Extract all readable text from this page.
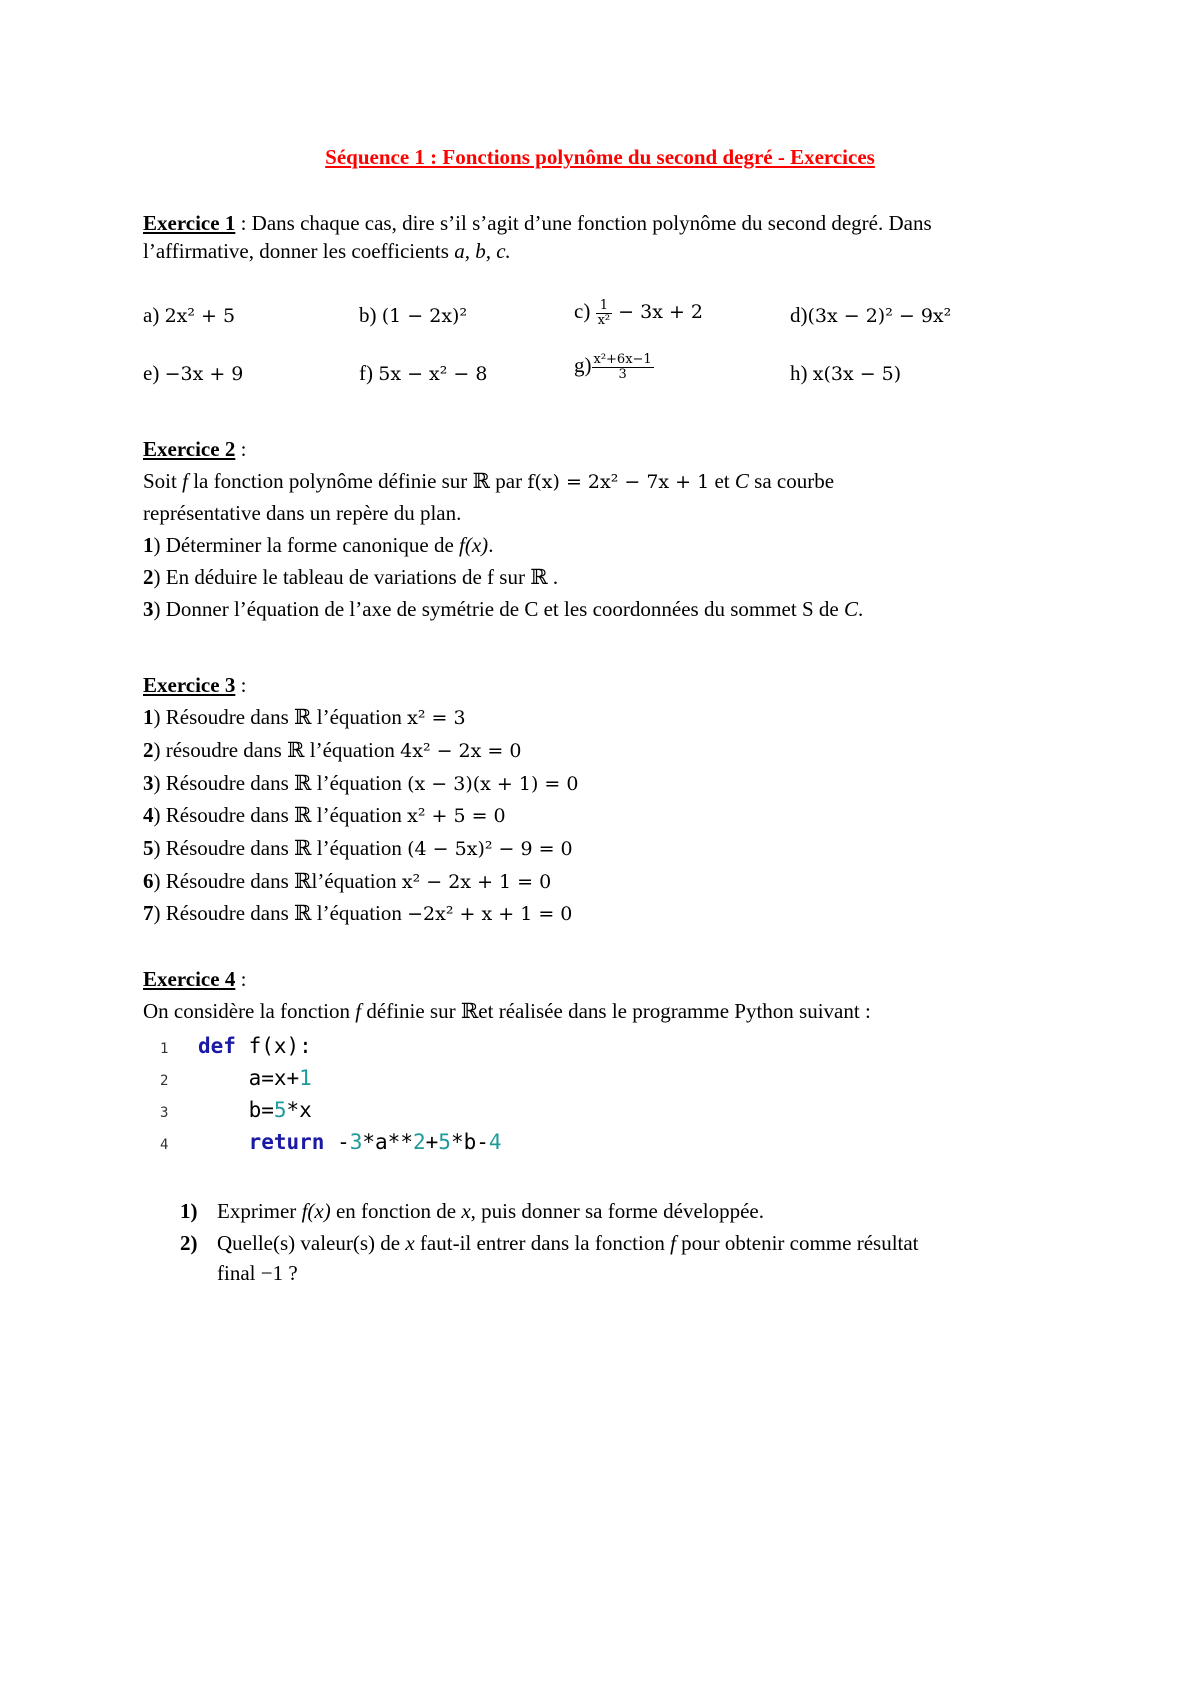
Séquence 1 : Fonctions polynôme du second degré - Exercices
Exercice 1 : Dans chaque cas, dire s’il s’agit d’une fonction polynôme du second degré. Dans
l’affirmative, donner les coefficients a, b, c.
a) 2x² + 5	b) (1 − 2x)²	$c) \frac{1}{\text{x²}} - 3x + 2$	d)(3x − 2)² − 9x²
e) −3x + 9	f) 5x − x² − 8	$g) \frac{\text{x²+6x−1}}{3}$	h) x(3x − 5)
Exercice 2 :
Soit f la fonction polynôme définie sur ℝ par f(x) = 2x² − 7x + 1 et C sa courbe
représentative dans un repère du plan.
1) Déterminer la forme canonique de f(x).
2) En déduire le tableau de variations de f sur ℝ .
3) Donner l’équation de l’axe de symétrie de C et les coordonnées du sommet S de C.
Exercice 3 :
1) Résoudre dans ℝ l’équation x² = 3
2) résoudre dans ℝ l’équation 4x² − 2x = 0
3) Résoudre dans ℝ l’équation (x − 3)(x + 1) = 0
4) Résoudre dans ℝ l’équation x² + 5 = 0
5) Résoudre dans ℝ l’équation (4 − 5x)² − 9 = 0
6) Résoudre dans ℝl’équation x² − 2x + 1 = 0
7) Résoudre dans ℝ l’équation −2x² + x + 1 = 0
Exercice 4 :
On considère la fonction f définie sur ℝet réalisée dans le programme Python suivant :
1 def f(x):
2    a=x+1
3    b=5*x
4	return -3*a**2+5*b-4
1) Exprimer f(x) en fonction de x, puis donner sa forme développée.
2) Quelle(s) valeur(s) de x faut-il entrer dans la fonction f pour obtenir comme résultat
final −1 ?
